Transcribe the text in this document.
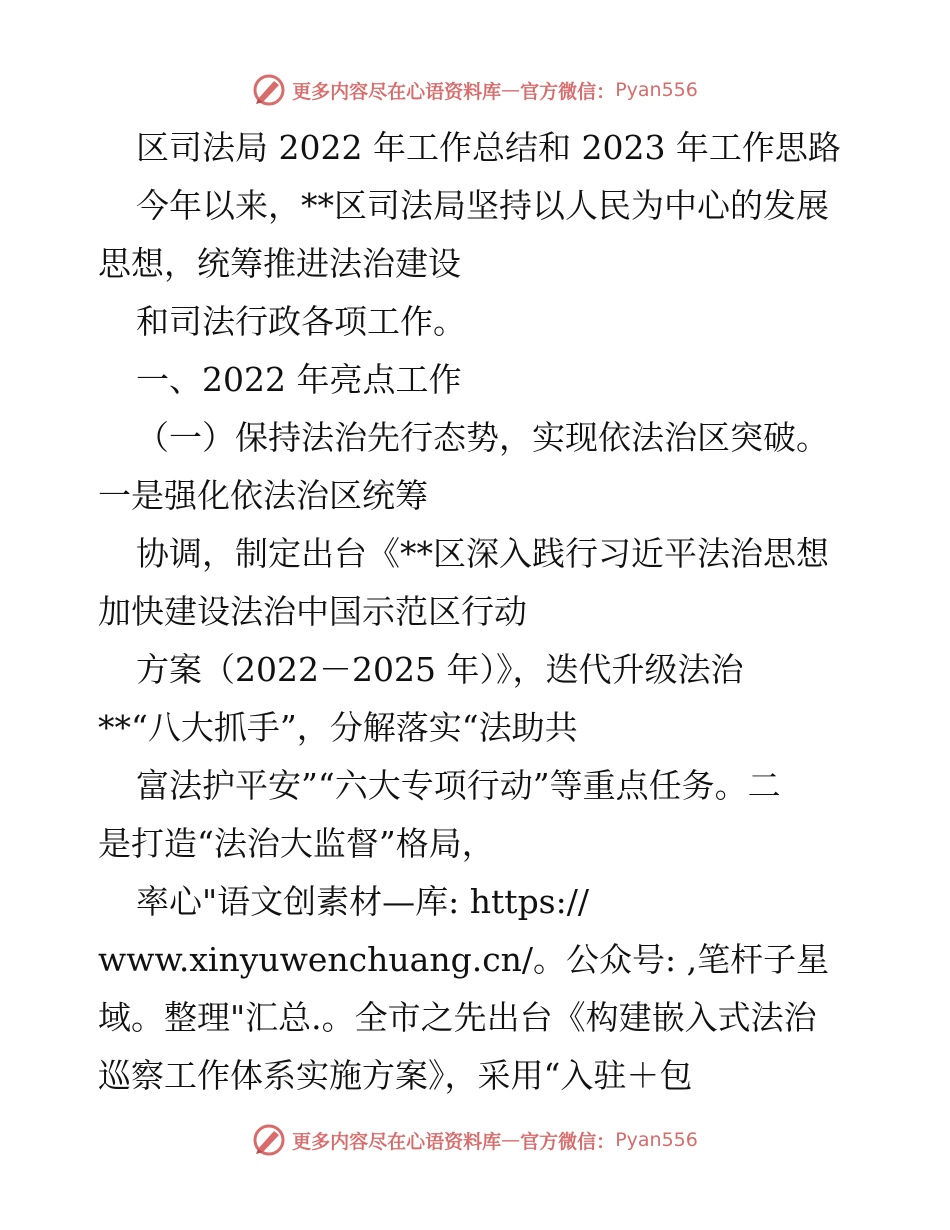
更多内容尽在心语资料库 — 官方微信： Pyan556
区司法局 2022 年工作总结和 2023 年工作思路
今年以来，**区司法局坚持以人民为中心的发展
思想，统筹推进法治建设
和司法行政各项工作。
一、2022 年亮点工作
（一）保持法治先行态势，实现依法治区突破。
一是强化依法治区统筹
协调，制定出台《**区深入践行习近平法治思想
加快建设法治中国示范区行动
方案（2022－2025 年）》，迭代升级法治
**“八大抓手”，分解落实“法助共
富法护平安”“六大专项行动”等重点任务。二
是打造“法治大监督”格局，
率心"语文创素材—库: https://
www.xinyuwenchuang.cn/。公众号: ,笔杆子星
域。整理"汇总.。全市之先出台《构建嵌入式法治
巡察工作体系实施方案》，采用“入驻＋包
更多内容尽在心语资料库 — 官方微信： Pyan556
